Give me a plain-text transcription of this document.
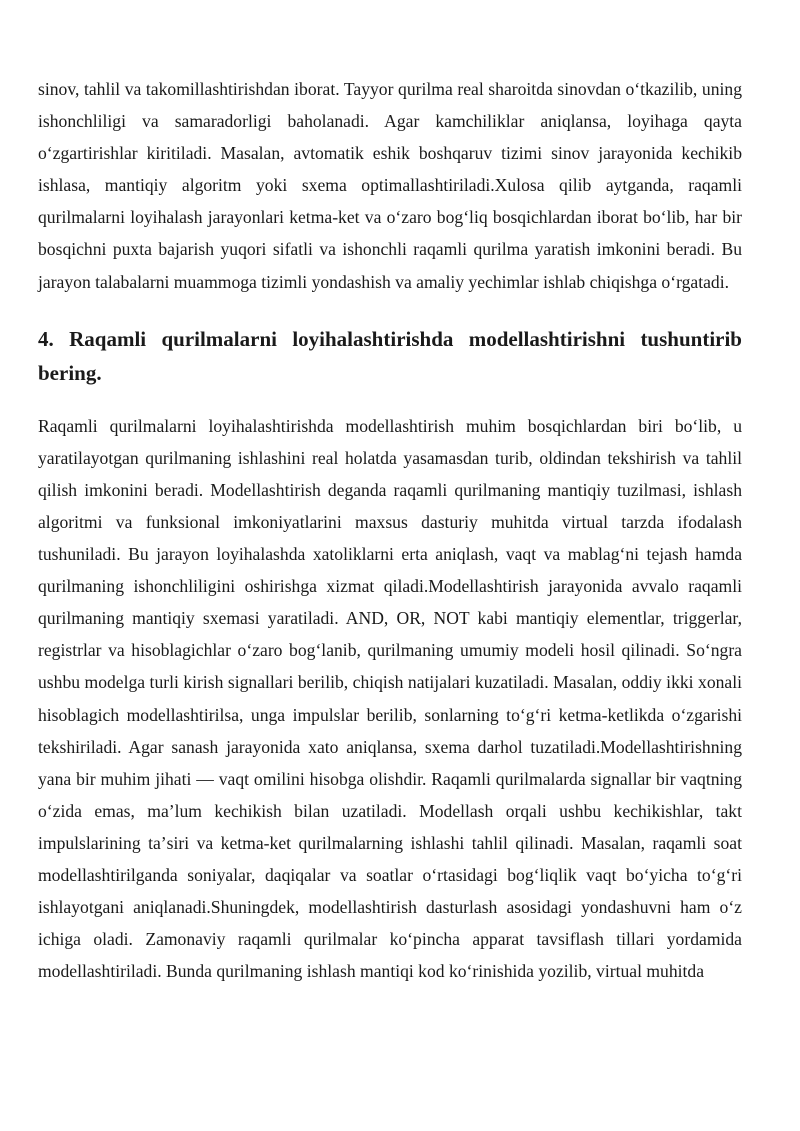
sinov, tahlil va takomillashtirishdan iborat. Tayyor qurilma real sharoitda sinovdan oʻtkazilib, uning ishonchliligi va samaradorligi baholanadi. Agar kamchiliklar aniqlansa, loyihaga qayta oʻzgartirishlar kiritiladi. Masalan, avtomatik eshik boshqaruv tizimi sinov jarayonida kechikib ishlasa, mantiqiy algoritm yoki sxema optimallashtiriladi.Xulosa qilib aytganda, raqamli qurilmalarni loyihalash jarayonlari ketma-ket va oʻzaro bogʻliq bosqichlardan iborat boʻlib, har bir bosqichni puxta bajarish yuqori sifatli va ishonchli raqamli qurilma yaratish imkonini beradi. Bu jarayon talabalarni muammoga tizimli yondashish va amaliy yechimlar ishlab chiqishga oʻrgatadi.

4. Raqamli qurilmalarni loyihalashtirishda modellashtirishni tushuntirib bering.

Raqamli qurilmalarni loyihalashtirishda modellashtirish muhim bosqichlardan biri boʻlib, u yaratilayotgan qurilmaning ishlashini real holatda yasamasdan turib, oldindan tekshirish va tahlil qilish imkonini beradi. Modellashtirish deganda raqamli qurilmaning mantiqiy tuzilmasi, ishlash algoritmi va funksional imkoniyatlarini maxsus dasturiy muhitda virtual tarzda ifodalash tushuniladi. Bu jarayon loyihalashda xatoliklarni erta aniqlash, vaqt va mablagʻni tejash hamda qurilmaning ishonchliligini oshirishga xizmat qiladi.Modellashtirish jarayonida avvalo raqamli qurilmaning mantiqiy sxemasi yaratiladi. AND, OR, NOT kabi mantiqiy elementlar, triggerlar, registrlar va hisoblagichlar oʻzaro bogʻlanib, qurilmaning umumiy modeli hosil qilinadi. Soʻngra ushbu modelga turli kirish signallari berilib, chiqish natijalari kuzatiladi. Masalan, oddiy ikki xonali hisoblagich modellashtirilsa, unga impulslar berilib, sonlarning toʻgʻri ketma-ketlikda oʻzgarishi tekshiriladi. Agar sanash jarayonida xato aniqlansa, sxema darhol tuzatiladi.Modellashtirishning yana bir muhim jihati — vaqt omilini hisobga olishdir. Raqamli qurilmalarda signallar bir vaqtning oʻzida emas, maʼlum kechikish bilan uzatiladi. Modellash orqali ushbu kechikishlar, takt impulslarining taʼsiri va ketma-ket qurilmalarning ishlashi tahlil qilinadi. Masalan, raqamli soat modellashtirilganda soniyalar, daqiqalar va soatlar oʻrtasidagi bogʻliqlik vaqt boʻyicha toʻgʻri ishlayotgani aniqlanadi.Shuningdek, modellashtirish dasturlash asosidagi yondashuvni ham oʻz ichiga oladi. Zamonaviy raqamli qurilmalar koʻpincha apparat tavsiflash tillari yordamida modellashtiriladi. Bunda qurilmaning ishlash mantiqi kod koʻrinishida yozilib, virtual muhitda
